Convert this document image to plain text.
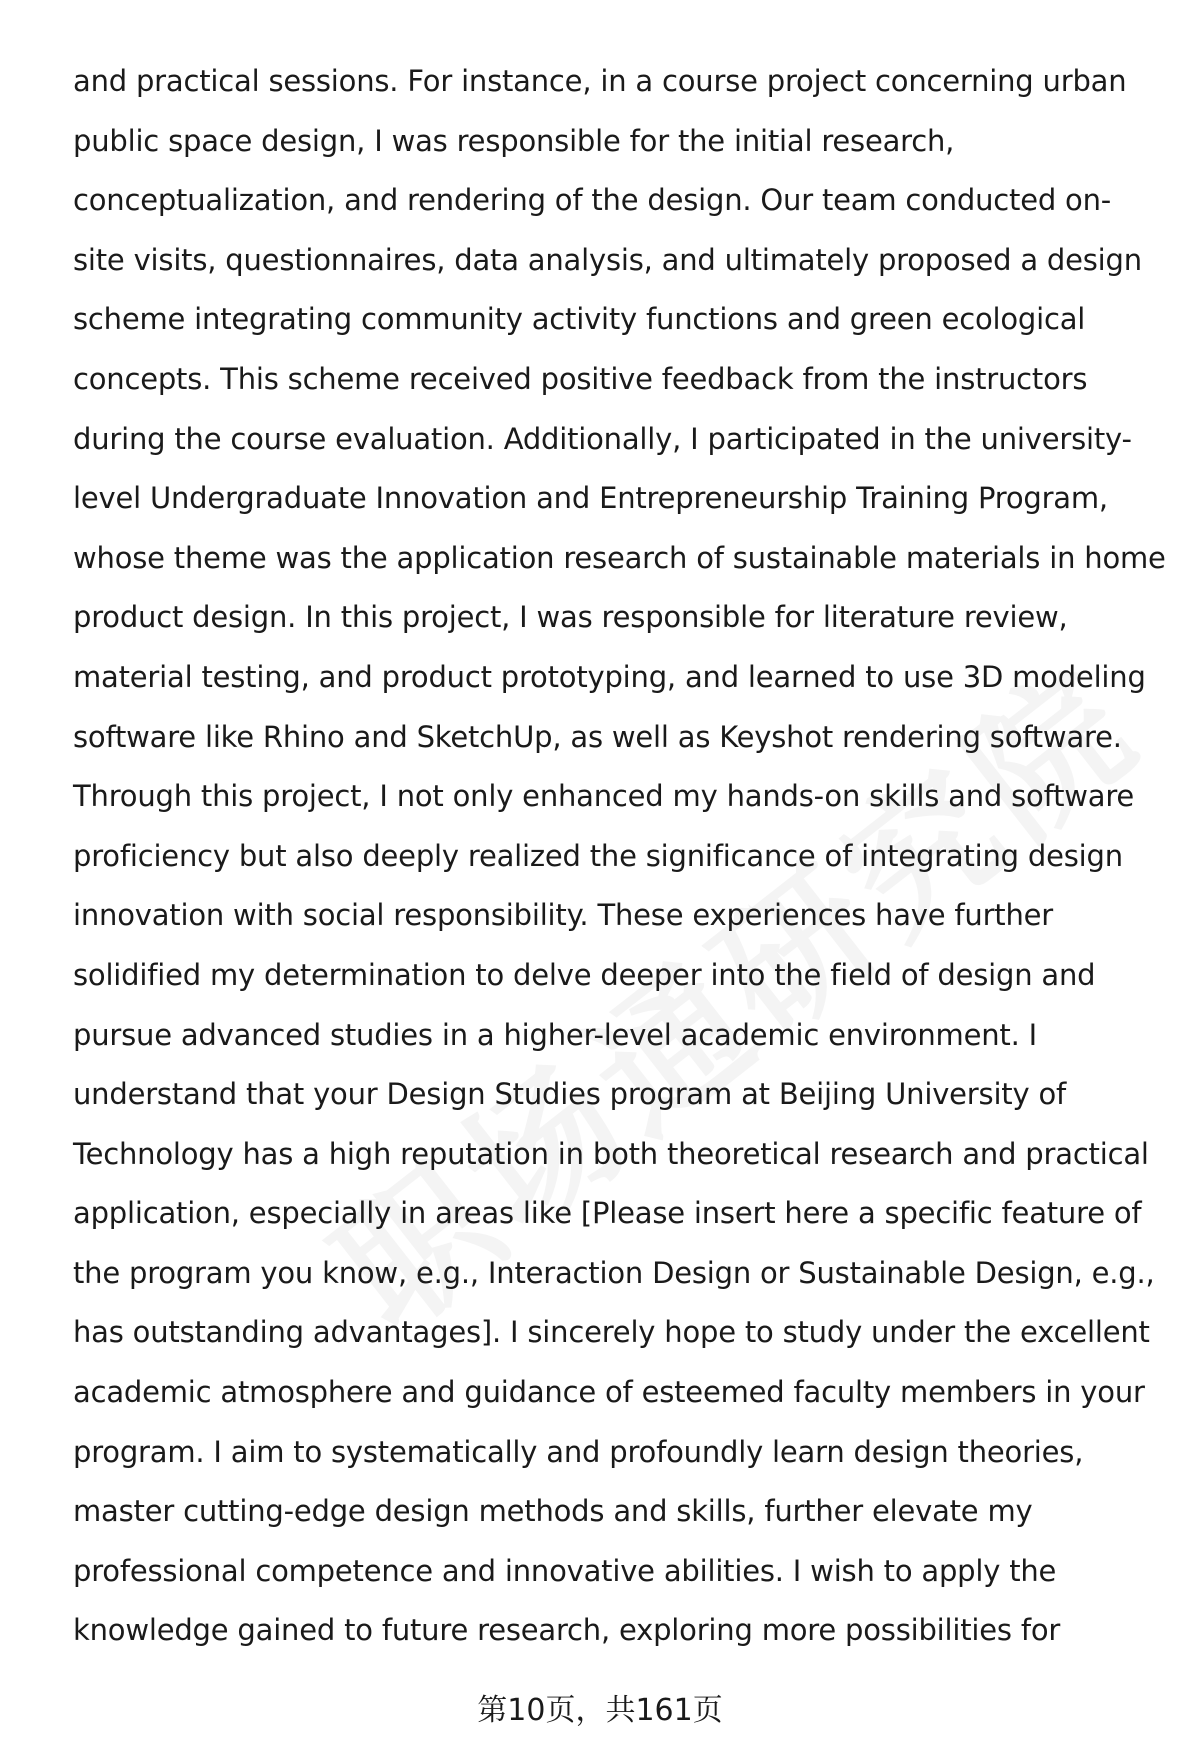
and practical sessions. For instance, in a course project concerning urban
public space design, I was responsible for the initial research,
conceptualization, and rendering of the design. Our team conducted on-
site visits, questionnaires, data analysis, and ultimately proposed a design
scheme integrating community activity functions and green ecological
concepts. This scheme received positive feedback from the instructors
during the course evaluation. Additionally, I participated in the university-
level Undergraduate Innovation and Entrepreneurship Training Program,
whose theme was the application research of sustainable materials in home
product design. In this project, I was responsible for literature review,
material testing, and product prototyping, and learned to use 3D modeling
software like Rhino and SketchUp, as well as Keyshot rendering software.
Through this project, I not only enhanced my hands-on skills and software
proficiency but also deeply realized the significance of integrating design
innovation with social responsibility. These experiences have further
solidified my determination to delve deeper into the field of design and
pursue advanced studies in a higher-level academic environment. I
understand that your Design Studies program at Beijing University of
Technology has a high reputation in both theoretical research and practical
application, especially in areas like [Please insert here a specific feature of
the program you know, e.g., Interaction Design or Sustainable Design, e.g.,
has outstanding advantages]. I sincerely hope to study under the excellent
academic atmosphere and guidance of esteemed faculty members in your
program. I aim to systematically and profoundly learn design theories,
master cutting-edge design methods and skills, further elevate my
professional competence and innovative abilities. I wish to apply the
knowledge gained to future research, exploring more possibilities for
第10页，共161页
